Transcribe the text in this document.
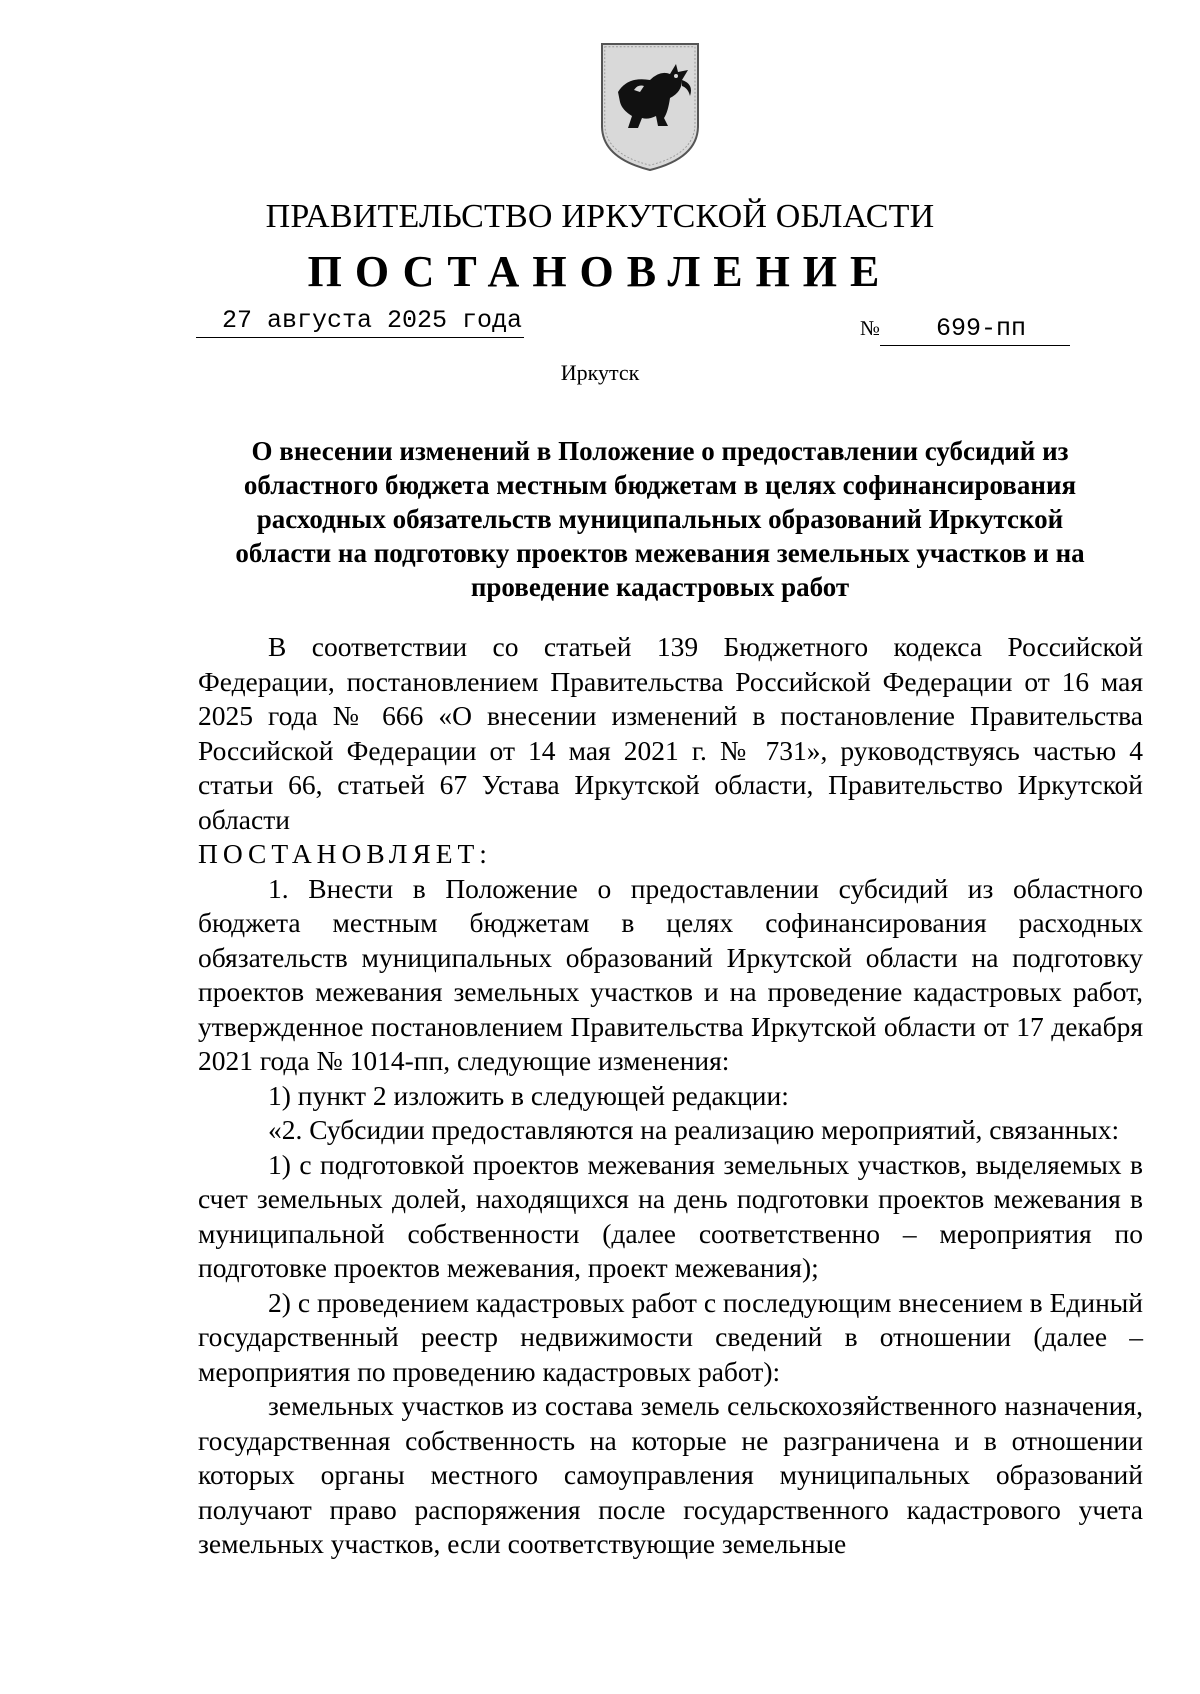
ПРАВИТЕЛЬСТВО ИРКУТСКОЙ ОБЛАСТИ
ПОСТАНОВЛЕНИЕ
27 августа 2025 года	№ 699-пп
Иркутск
О внесении изменений в Положение о предоставлении субсидий из областного бюджета местным бюджетам в целях софинансирования расходных обязательств муниципальных образований Иркутской области на подготовку проектов межевания земельных участков и на проведение кадастровых работ

В соответствии со статьей 139 Бюджетного кодекса Российской Федерации, постановлением Правительства Российской Федерации от 16 мая 2025 года № 666 «О внесении изменений в постановление Правительства Российской Федерации от 14 мая 2021 г. № 731», руководствуясь частью 4 статьи 66, статьей 67 Устава Иркутской области, Правительство Иркутской области

ПОСТАНОВЛЯЕТ:

1. Внести в Положение о предоставлении субсидий из областного бюджета местным бюджетам в целях софинансирования расходных обязательств муниципальных образований Иркутской области на подготовку проектов межевания земельных участков и на проведение кадастровых работ, утвержденное постановлением Правительства Иркутской области от 17 декабря 2021 года № 1014-пп, следующие изменения:

1) пункт 2 изложить в следующей редакции:

«2. Субсидии предоставляются на реализацию мероприятий, связанных:

1) с подготовкой проектов межевания земельных участков, выделяемых в счет земельных долей, находящихся на день подготовки проектов межевания в муниципальной собственности (далее соответственно – мероприятия по подготовке проектов межевания, проект межевания);

2) с проведением кадастровых работ с последующим внесением в Единый государственный реестр недвижимости сведений в отношении (далее – мероприятия по проведению кадастровых работ):

земельных участков из состава земель сельскохозяйственного назначения, государственная собственность на которые не разграничена и в отношении которых органы местного самоуправления муниципальных образований получают право распоряжения после государственного кадастрового учета земельных участков, если соответствующие земельные
